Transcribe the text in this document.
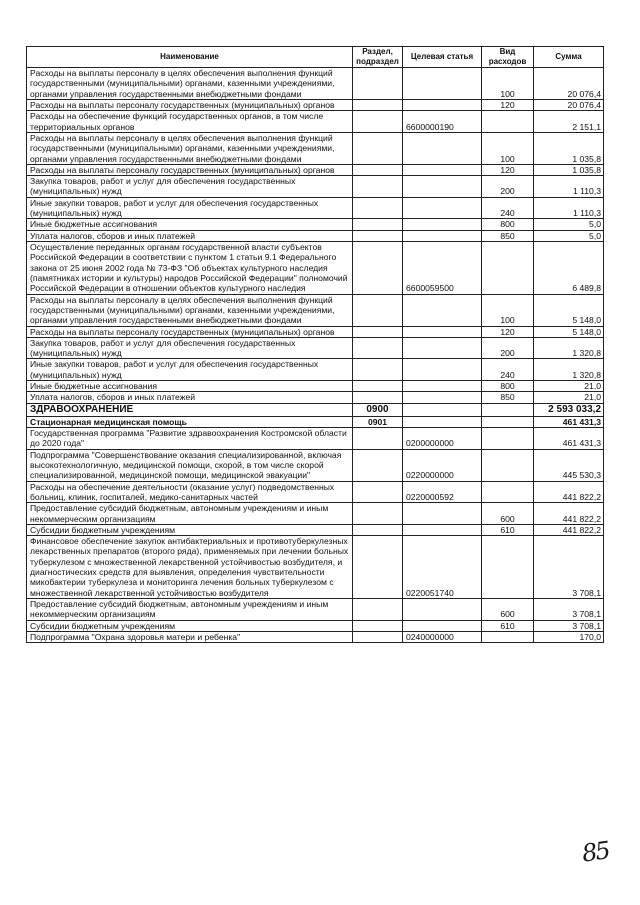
Наименование	Раздел, подраздел	Целевая статья	Вид расходов	Сумма
Расходы на выплаты персоналу в целях обеспечения выполнения функций государственными (муниципальными) органами, казенными учреждениями, органами управления государственными внебюджетными фондами			100	20 076,4
Расходы на выплаты персоналу государственных (муниципальных) органов			120	20 076,4
Расходы на обеспечение функций государственных органов, в том числе территориальных органов		6600000190		2 151,1
Расходы на выплаты персоналу в целях обеспечения выполнения функций государственными (муниципальными) органами, казенными учреждениями, органами управления государственными внебюджетными фондами			100	1 035,8
Расходы на выплаты персоналу государственных (муниципальных) органов			120	1 035,8
Закупка товаров, работ и услуг для обеспечения государственных (муниципальных) нужд			200	1 110,3
Иные закупки товаров, работ и услуг для обеспечения государственных (муниципальных) нужд			240	1 110,3
Иные бюджетные ассигнования			800	5,0
Уплата налогов, сборов и иных платежей			850	5,0
Осуществление переданных органам государственной власти субъектов Российской Федерации в соответствии с пунктом 1 статьи 9.1 Федерального закона от 25 июня 2002 года № 73-ФЗ "Об объектах культурного наследия (памятниках истории и культуры) народов Российской Федерации" полномочий Российской Федерации в отношении объектов культурного наследия		6600059500		6 489,8
Расходы на выплаты персоналу в целях обеспечения выполнения функций государственными (муниципальными) органами, казенными учреждениями, органами управления государственными внебюджетными фондами			100	5 148,0
Расходы на выплаты персоналу государственных (муниципальных) органов			120	5 148,0
Закупка товаров, работ и услуг для обеспечения государственных (муниципальных) нужд			200	1 320,8
Иные закупки товаров, работ и услуг для обеспечения государственных (муниципальных) нужд			240	1 320,8
Иные бюджетные ассигнования			800	21,0
Уплата налогов, сборов и иных платежей			850	21,0
ЗДРАВООХРАНЕНИЕ	0900			2 593 033,2
Стационарная медицинская помощь	0901			461 431,3
Государственная программа "Развитие здравоохранения Костромской области до 2020 года"		0200000000		461 431,3
Подпрограмма "Совершенствование оказания специализированной, включая высокотехнологичную, медицинской помощи, скорой, в том числе скорой специализированной, медицинской помощи, медицинской эвакуации"		0220000000		445 530,3
Расходы на обеспечение деятельности (оказание услуг) подведомственных больниц, клиник, госпиталей, медико-санитарных частей		0220000592		441 822,2
Предоставление субсидий бюджетным, автономным учреждениям и иным некоммерческим организациям			600	441 822,2
Субсидии бюджетным учреждениям			610	441 822,2
Финансовое обеспечение закупок антибактериальных и противотуберкулезных лекарственных препаратов (второго ряда), применяемых при лечении больных туберкулезом с множественной лекарственной устойчивостью возбудителя, и диагностических средств для выявления, определения чувствительности микобактерии туберкулеза и мониторинга лечения больных туберкулезом с множественной лекарственной устойчивостью возбудителя		0220051740		3 708,1
Предоставление субсидий бюджетным, автономным учреждениям и иным некоммерческим организациям			600	3 708,1
Субсидии бюджетным учреждениям			610	3 708,1
Подпрограмма "Охрана здоровья матери и ребенка"		0240000000		170,0
85
